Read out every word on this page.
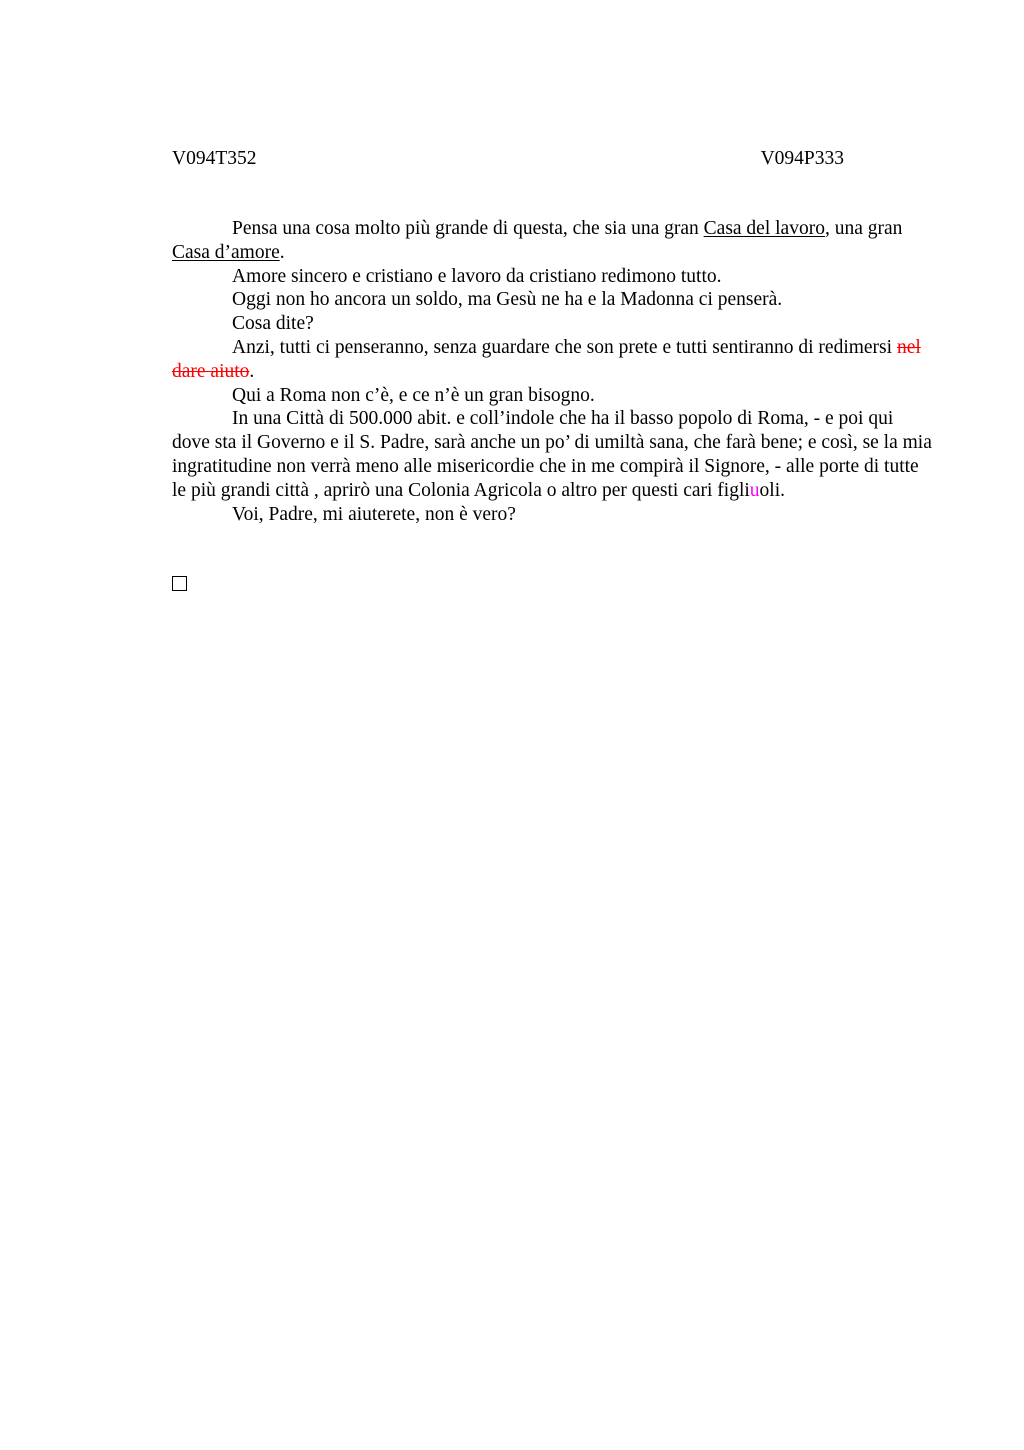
V094T352	V094P333

Pensa una cosa molto più grande di questa, che sia una gran Casa del lavoro, una gran Casa d’amore.

Amore sincero e cristiano e lavoro da cristiano redimono tutto.

Oggi non ho ancora un soldo, ma Gesù ne ha e la Madonna ci penserà.

Cosa dite?

Anzi, tutti ci penseranno, senza guardare che son prete e tutti sentiranno di redimersi nel dare aiuto.

Qui a Roma non c’è, e ce n’è un gran bisogno.

In una Città di 500.000 abit. e coll’indole che ha il basso popolo di Roma, - e poi qui dove sta il Governo e il S. Padre, sarà anche un po’ di umiltà sana, che farà bene; e così, se la mia ingratitudine non verrà meno alle misericordie che in me compirà il Signore, - alle porte di tutte le più grandi città , aprirò una Colonia Agricola o altro per questi cari figliuoli.

Voi, Padre, mi aiuterete, non è vero?
